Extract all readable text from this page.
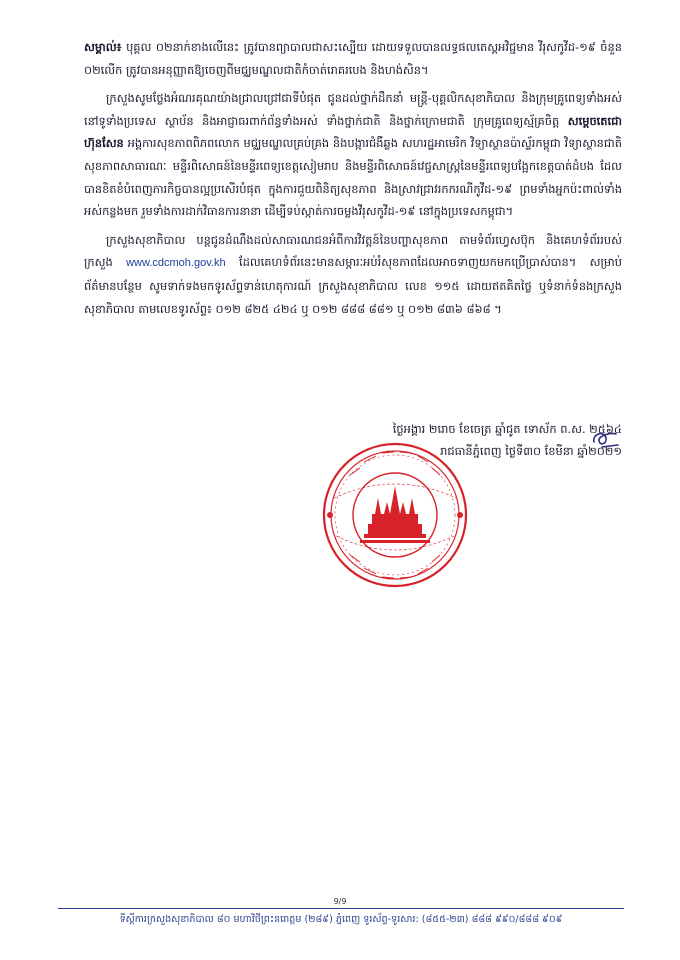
សម្គាល់៖ បុគ្គល ០២នាក់ខាងលើនេះ ត្រូវបានព្យាបាលជាសះស្បើយ ដោយទទួលបានលទ្ធផលតេស្តអវិជ្ជមាន វីរុសកូវីដ-១៩ ចំនួន ០២លើក ត្រូវបានអនុញ្ញាតឱ្យចេញពីមជ្ឈមណ្ឌលជាតិកំចាត់រោគរបេង និងហង់សិន។

ក្រសួងសូមថ្លែងអំណរគុណយ៉ាងជ្រាលជ្រៅជាទីបំផុត ជូនដល់ថ្នាក់ដឹកនាំ មន្ត្រី-បុគ្គលិកសុខាភិបាល និងក្រុមគ្រូពេទ្យទាំងអស់នៅទូទាំងប្រទេស ស្ថាប័ន និងអាជ្ញាធរពាក់ព័ន្ធទាំងអស់ ទាំងថ្នាក់ជាតិ និងថ្នាក់ក្រោមជាតិ ក្រុមគ្រូពេទ្យស្ម័គ្រចិត្ត សម្តេចតេជោ ហ៊ុនសែន អង្គការសុខភាពពិភពលោក មជ្ឈមណ្ឌលគ្រប់គ្រង និងបង្ការជំងឺឆ្លង សហរដ្ឋអាមេរិក វិទ្យាស្ថានប៉ាស្ទ័រកម្ពុជា វិទ្យាស្ថានជាតិសុខភាពសាធារណៈ មន្ទីរពិសោធន៍នៃមន្ទីរពេទ្យខេត្តសៀមរាប និងមន្ទីរពិសោធន៍វេជ្ជសាស្ត្រនៃមន្ទីរពេទ្យបង្អែកខេត្តបាត់ដំបង ដែលបានខិតខំបំពេញភារកិច្ចបានល្អប្រសើរបំផុត ក្នុងការជួយពិនិត្យសុខភាព និងស្រាវជ្រាវរកករណីកូវីដ-១៩ ព្រមទាំងអ្នកប៉ះពាល់ទាំងអស់កន្លងមក រួមទាំងការដាក់វិធានការនានា ដើម្បីទប់ស្កាត់ការចម្លងវីរុសកូវីដ-១៩ នៅក្នុងប្រទេសកម្ពុជា។

ក្រសួងសុខាភិបាល បន្តជូនដំណឹងដល់សាធារណជនអំពីការវិវត្តន៍នៃបញ្ហាសុខភាព តាមទំព័រហ្វេសប៊ុក និងគេហទំព័ររបស់ក្រសួង www.cdcmoh.gov.kh ដែលគេហទំព័រនេះមានសម្ភារៈអប់រំសុខភាពដែលអាចទាញយកមកប្រើប្រាស់បាន។ សម្រាប់ព័ត៌មានបន្ថែម សូមទាក់ទងមកទូរស័ព្ទទាន់ហេតុការណ៍ ក្រសួងសុខាភិបាល លេខ ១១៥ ដោយឥតគិតថ្លៃ ឬទំនាក់ទំនងក្រសួងសុខាភិបាល តាមលេខទូរស័ព្ទ៖ ០១២ ៨២៥ ៤២៤ ឬ ០១២ ៨៨៨ ៨៨១ ឬ ០១២ ៨៣៦ ៨៦៨ ។

ថ្ងៃអង្គារ ២រោច ខែចេត្រ ឆ្នាំជូត ទោស័ក ព.ស. ២៥៦៤
រាជធានីភ្នំពេញ ថ្ងៃទី៣០ ខែមីនា ឆ្នាំ២០២១
9/9
ទីស្តីការក្រសួងសុខាភិបាល ៨០ មហាវិថីព្រះនរោត្តម (២៨៩) ភ្នំពេញ ទូរស័ព្ទ-ទូរសារ: (៨៥៥-២៣) ៨៨៨ ៩៩០/៨៨៨ ៩០៩
